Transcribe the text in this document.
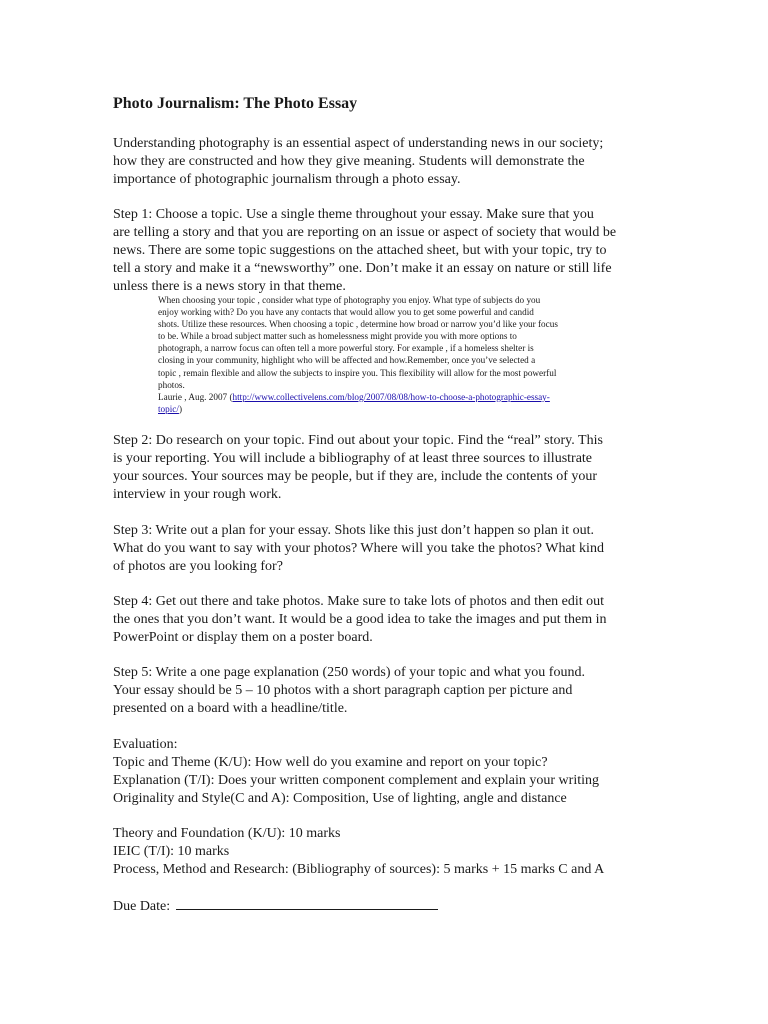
Photo Journalism: The Photo Essay
Understanding photography is an essential aspect of understanding news in our society;
how they are constructed and how they give meaning. Students will demonstrate the
importance of photographic journalism through a photo essay.
Step 1: Choose a topic. Use a single theme throughout your essay. Make sure that you
are telling a story and that you are reporting on an issue or aspect of society that would be
news. There are some topic suggestions on the attached sheet, but with your topic, try to
tell a story and make it a “newsworthy” one. Don’t make it an essay on nature or still life
unless there is a news story in that theme.
When choosing your topic , consider what type of photography you enjoy. What type of subjects do you
enjoy working with? Do you have any contacts that would allow you to get some powerful and candid
shots. Utilize these resources. When choosing a topic , determine how broad or narrow you’d like your focus
to be. While a broad subject matter such as homelessness might provide you with more options to
photograph, a narrow focus can often tell a more powerful story. For example , if a homeless shelter is
closing in your community, highlight who will be affected and how.Remember, once you’ve selected a
topic , remain flexible and allow the subjects to inspire you. This flexibility will allow for the most powerful
photos.
Laurie , Aug. 2007 (http://www.collectivelens.com/blog/2007/08/08/how-to-choose-a-photographic-essay-
topic/)
Step 2: Do research on your topic. Find out about your topic. Find the “real” story. This
is your reporting. You will include a bibliography of at least three sources to illustrate
your sources. Your sources may be people, but if they are, include the contents of your
interview in your rough work.
Step 3: Write out a plan for your essay. Shots like this just don’t happen so plan it out.
What do you want to say with your photos? Where will you take the photos? What kind
of photos are you looking for?
Step 4: Get out there and take photos. Make sure to take lots of photos and then edit out
the ones that you don’t want. It would be a good idea to take the images and put them in
PowerPoint or display them on a poster board.
Step 5: Write a one page explanation (250 words) of your topic and what you found.
Your essay should be 5 – 10 photos with a short paragraph caption per picture and
presented on a board with a headline/title.
Evaluation:
Topic and Theme (K/U): How well do you examine and report on your topic?
Explanation (T/I): Does your written component complement and explain your writing
Originality and Style(C and A): Composition, Use of lighting, angle and distance
Theory and Foundation (K/U): 10 marks
IEIC (T/I): 10 marks
Process, Method and Research: (Bibliography of sources): 5 marks + 15 marks C and A
Due Date:
